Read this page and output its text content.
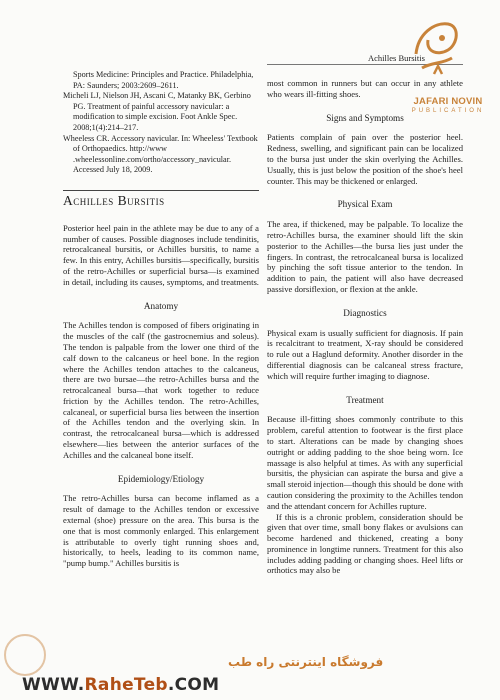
Achilles Bursitis
JAFARI NOVIN
PUBLICATION

Sports Medicine: Principles and Practice. Philadelphia, PA: Saunders; 2003:2609–2611.

Micheli LJ, Nielson JH, Ascani C, Matanky BK, Gerbino PG. Treatment of painful accessory navicular: a modification to simple excision. Foot Ankle Spec. 2008;1(4):214–217.

Wheeless CR. Accessory navicular. In: Wheeless' Textbook of Orthopaedics. http://www .wheelessonline.com/ortho/accessory_navicular. Accessed July 18, 2009.

Achilles Bursitis

Posterior heel pain in the athlete may be due to any of a number of causes. Possible diagnoses include tendinitis, retrocalcaneal bursitis, or Achilles bursitis, to name a few. In this entry, Achilles bursitis—specifically, bursitis of the retro-Achilles or superficial bursa—is examined in detail, including its causes, symptoms, and treatments.

Anatomy

The Achilles tendon is composed of fibers originating in the muscles of the calf (the gastrocnemius and soleus). The tendon is palpable from the lower one third of the calf down to the calcaneus or heel bone. In the region where the Achilles tendon attaches to the calcaneus, there are two bursae—the retro-Achilles bursa and the retrocalcaneal bursa—that work together to reduce friction by the Achilles tendon. The retro-Achilles, calcaneal, or superficial bursa lies between the insertion of the Achilles tendon and the overlying skin. In contrast, the retrocalcaneal bursa—which is addressed elsewhere—lies between the anterior surfaces of the Achilles and the calcaneal bone itself.

Epidemiology/Etiology

The retro-Achilles bursa can become inflamed as a result of damage to the Achilles tendon or excessive external (shoe) pressure on the area. This bursa is the one that is most commonly enlarged. This enlargement is attributable to overly tight running shoes and, historically, to heels, leading to its common name, "pump bump." Achilles bursitis is

most common in runners but can occur in any athlete who wears ill-fitting shoes.

Signs and Symptoms

Patients complain of pain over the posterior heel. Redness, swelling, and significant pain can be localized to the bursa just under the skin overlying the Achilles. Usually, this is just below the position of the shoe's heel counter. This may be thickened or enlarged.

Physical Exam

The area, if thickened, may be palpable. To localize the retro-Achilles bursa, the examiner should lift the skin posterior to the Achilles—the bursa lies just under the fingers. In contrast, the retrocalcaneal bursa is localized by pinching the soft tissue anterior to the tendon. In addition to pain, the patient will also have decreased passive dorsiflexion, or flexion at the ankle.

Diagnostics

Physical exam is usually sufficient for diagnosis. If pain is recalcitrant to treatment, X-ray should be considered to rule out a Haglund deformity. Another disorder in the differential diagnosis can be calcaneal stress fracture, which will require further imaging to diagnose.

Treatment

Because ill-fitting shoes commonly contribute to this problem, careful attention to footwear is the first place to start. Alterations can be made by changing shoes outright or adding padding to the shoe being worn. Ice massage is also helpful at times. As with any superficial bursitis, the physician can aspirate the bursa and give a small steroid injection—though this should be done with caution considering the proximity to the Achilles tendon and the attendant concern for Achilles rupture.

If this is a chronic problem, consideration should be given that over time, small bony flakes or avulsions can become hardened and thickened, creating a bony prominence in longtime runners. Treatment for this also includes adding padding or changing shoes. Heel lifts or orthotics may also be

فروشگاه اینترنتی راه طب
WWW.RaheTeb.COM
